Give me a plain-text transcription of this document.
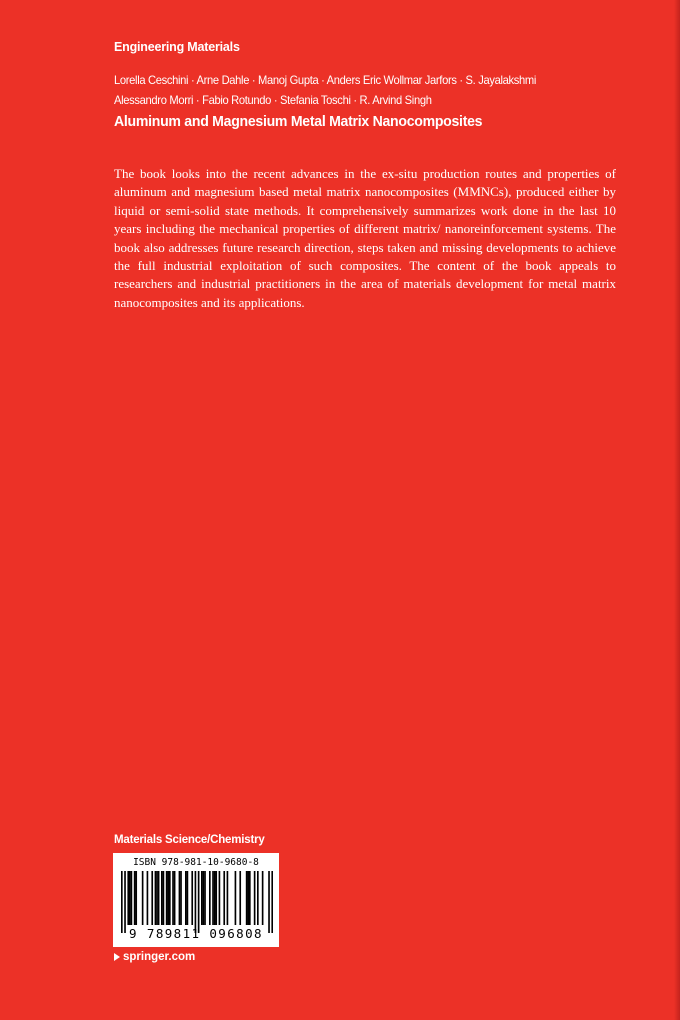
Engineering Materials
Lorella Ceschini · Arne Dahle · Manoj Gupta · Anders Eric Wollmar Jarfors · S. Jayalakshmi
Alessandro Morri · Fabio Rotundo · Stefania Toschi · R. Arvind Singh
Aluminum and Magnesium Metal Matrix Nanocomposites
The book looks into the recent advances in the ex-situ production routes and properties of aluminum and magnesium based metal matrix nanocomposites (MMNCs), produced either by liquid or semi-solid state methods. It comprehensively summarizes work done in the last 10 years including the mechanical properties of different matrix/ nanoreinforcement systems. The book also addresses future research direction, steps taken and missing developments to achieve the full industrial exploitation of such composites. The content of the book appeals to researchers and industrial practitioners in the area of materials development for metal matrix nanocomposites and its applications.
Materials Science/Chemistry
ISBN 978-981-10-9680-8
9 789811 096808
springer.com
